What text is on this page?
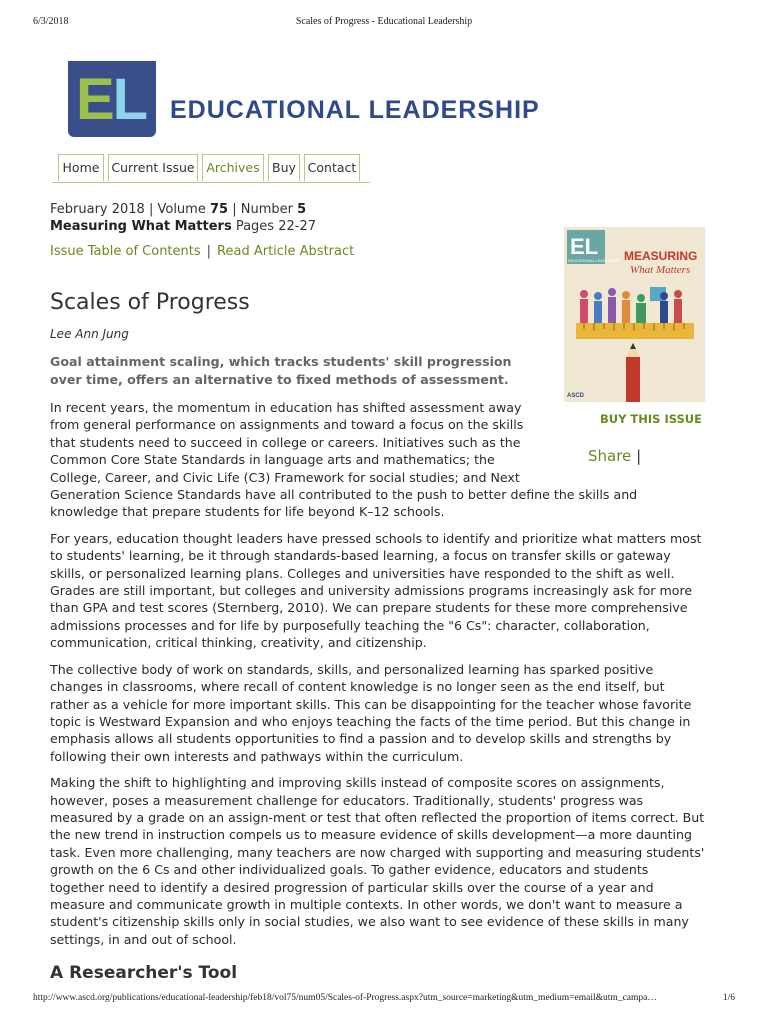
6/3/2018	Scales of Progress - Educational Leadership
E L EDUCATIONAL LEADERSHIP
Home Current Issue Archives Buy Contact
February 2018 | Volume 75 | Number 5
Measuring What Matters Pages 22-27
Issue Table of Contents | Read Article Abstract
Scales of Progress
Lee Ann Jung
Goal attainment scaling, which tracks students' skill progression over time, offers an alternative to fixed methods of assessment.
EL
EDUCATIONAL LEADERSHIP MEASURING
What Matters
ASCD
BUY THIS ISSUE
Share |

In recent years, the momentum in education has shifted assessment away from general performance on assignments and toward a focus on the skills that students need to succeed in college or careers. Initiatives such as the Common Core State Standards in language arts and mathematics; the College, Career, and Civic Life (C3) Framework for social studies; and Next Generation Science Standards have all contributed to the push to better define the skills and knowledge that prepare students for life beyond K–12 schools.

For years, education thought leaders have pressed schools to identify and prioritize what matters most to students' learning, be it through standards-based learning, a focus on transfer skills or gateway skills, or personalized learning plans. Colleges and universities have responded to the shift as well. Grades are still important, but colleges and university admissions programs increasingly ask for more than GPA and test scores (Sternberg, 2010). We can prepare students for these more comprehensive admissions processes and for life by purposefully teaching the "6 Cs": character, collaboration, communication, critical thinking, creativity, and citizenship.

The collective body of work on standards, skills, and personalized learning has sparked positive changes in classrooms, where recall of content knowledge is no longer seen as the end itself, but rather as a vehicle for more important skills. This can be disappointing for the teacher whose favorite topic is Westward Expansion and who enjoys teaching the facts of the time period. But this change in emphasis allows all students opportunities to find a passion and to develop skills and strengths by following their own interests and pathways within the curriculum.

Making the shift to highlighting and improving skills instead of composite scores on assignments, however, poses a measurement challenge for educators. Traditionally, students' progress was measured by a grade on an assign-ment or test that often reflected the proportion of items correct. But the new trend in instruction compels us to measure evidence of skills development—a more daunting task. Even more challenging, many teachers are now charged with supporting and measuring students' growth on the 6 Cs and other individualized goals. To gather evidence, educators and students together need to identify a desired progression of particular skills over the course of a year and measure and communicate growth in multiple contexts. In other words, we don't want to measure a student's citizenship skills only in social studies, we also want to see evidence of these skills in many settings, in and out of school.

A Researcher's Tool
http://www.ascd.org/publications/educational-leadership/feb18/vol75/num05/Scales-of-Progress.aspx?utm_source=marketing&utm_medium=email&utm_campa…	1/6
